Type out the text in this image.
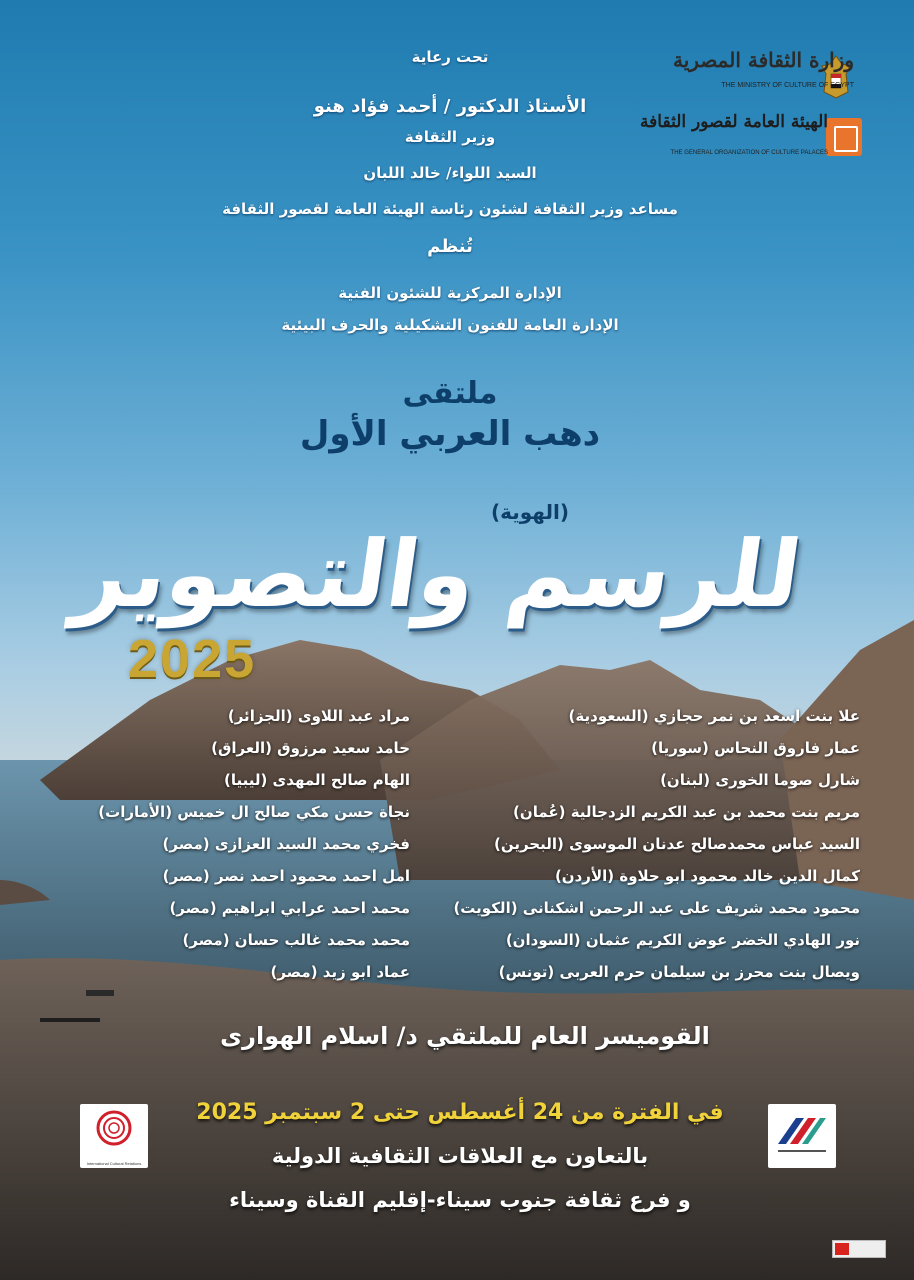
وزارة الثقافة المصرية
THE MINISTRY OF CULTURE OF EGYPT
الهيئة العامة لقصور الثقافة
THE GENERAL ORGANIZATION OF CULTURE PALACES
تحت رعاية
الأستاذ الدكتور / أحمد فؤاد هنو
وزير الثقافة
السيد اللواء/ خالد اللبان
مساعد وزير الثقافة لشئون رئاسة الهيئة العامة لقصور الثقافة
تُنظم
الإدارة المركزية للشئون الفنية
الإدارة العامة للفنون التشكيلية والحرف البيئية
ملتقى
دهب العربي الأول
(الهوية)
للرسم والتصوير
2025
مراد عبد اللاوى (الجزائر)
حامد سعيد مرزوق (العراق)
الهام صالح المهدى (ليبيا)
نجاة حسن مكي صالح ال خميس (الأمارات)
فخري محمد السيد العزازى (مصر)
امل احمد محمود احمد نصر (مصر)
محمد احمد عرابي ابراهيم (مصر)
محمد محمد غالب حسان (مصر)
عماد ابو زيد (مصر)
علا بنت اسعد بن نمر حجازي (السعودية)
عمار فاروق النحاس (سوريا)
شارل صوما الخورى (لبنان)
مريم بنت محمد بن عبد الكريم الزدجالية (عُمان)
السيد عباس محمدصالح عدنان الموسوى (البحرين)
كمال الدين خالد محمود ابو حلاوة (الأردن)
محمود محمد شريف على عبد الرحمن اشكنانى (الكويت)
نور الهادي الخضر عوض الكريم عثمان (السودان)
ويصال بنت محرز بن سيلمان حرم العربى (تونس)
القوميسر العام للملتقي د/ اسلام الهوارى
في الفترة من 24 أغسطس حتى 2 سبتمبر 2025
بالتعاون مع العلاقات الثقافية الدولية
و فرع ثقافة جنوب سيناء-إقليم القناة وسيناء
International Cultural Relations
